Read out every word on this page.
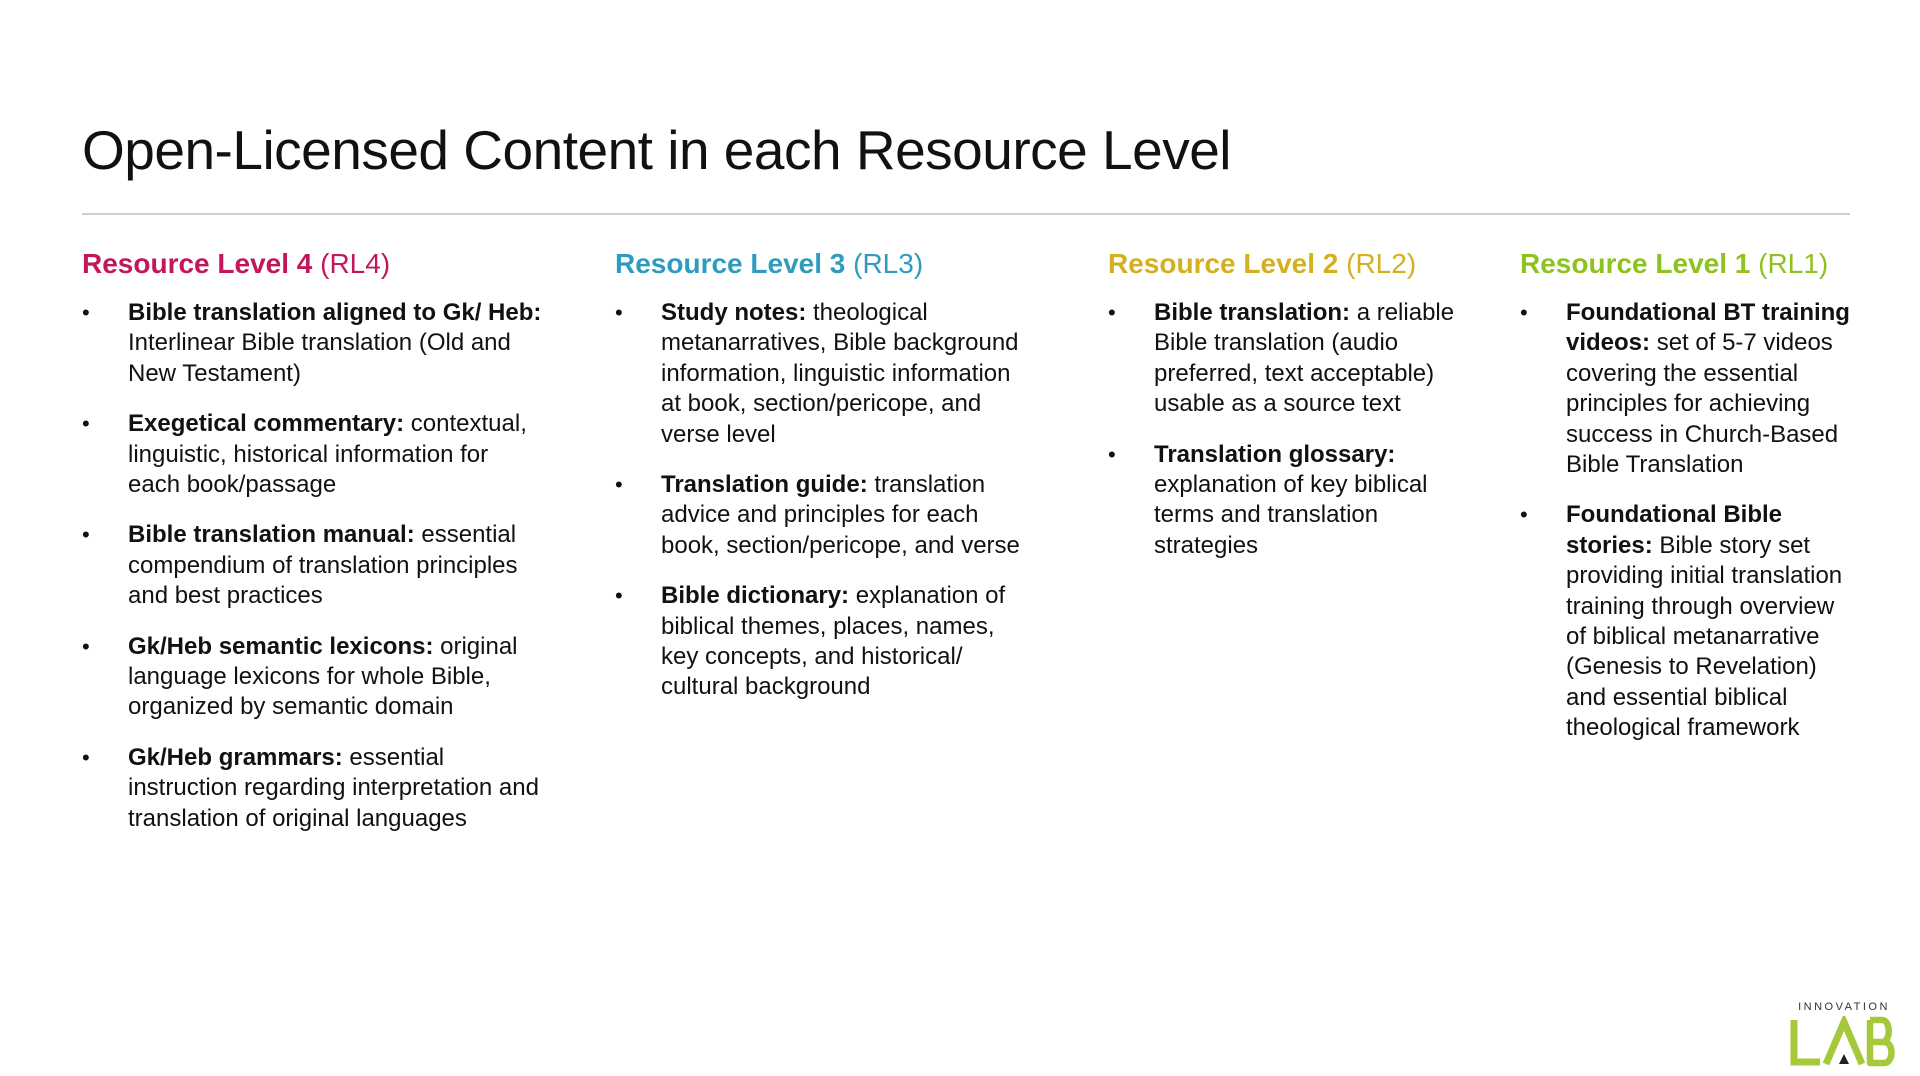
Open-Licensed Content in each Resource Level
Resource Level 4 (RL4)
• Bible translation aligned to Gk/ Heb: Interlinear Bible translation (Old and New Testament)
• Exegetical commentary: contextual, linguistic, historical information for each book/passage
• Bible translation manual: essential compendium of translation principles and best practices
• Gk/Heb semantic lexicons: original language lexicons for whole Bible, organized by semantic domain
• Gk/Heb grammars: essential instruction regarding interpretation and translation of original languages
Resource Level 3 (RL3)
• Study notes: theological metanarratives, Bible background information, linguistic information at book, section/pericope, and verse level
• Translation guide: translation advice and principles for each book, section/pericope, and verse
• Bible dictionary: explanation of biblical themes, places, names, key concepts, and historical/ cultural background
Resource Level 2 (RL2)
• Bible translation: a reliable Bible translation (audio preferred, text acceptable) usable as a source text
• Translation glossary: explanation of key biblical terms and translation strategies
Resource Level 1 (RL1)
• Foundational BT training videos: set of 5-7 videos covering the essential principles for achieving success in Church-Based Bible Translation
• Foundational Bible stories: Bible story set providing initial translation training through overview of biblical metanarrative (Genesis to Revelation) and essential biblical theological framework
INNOVATION
